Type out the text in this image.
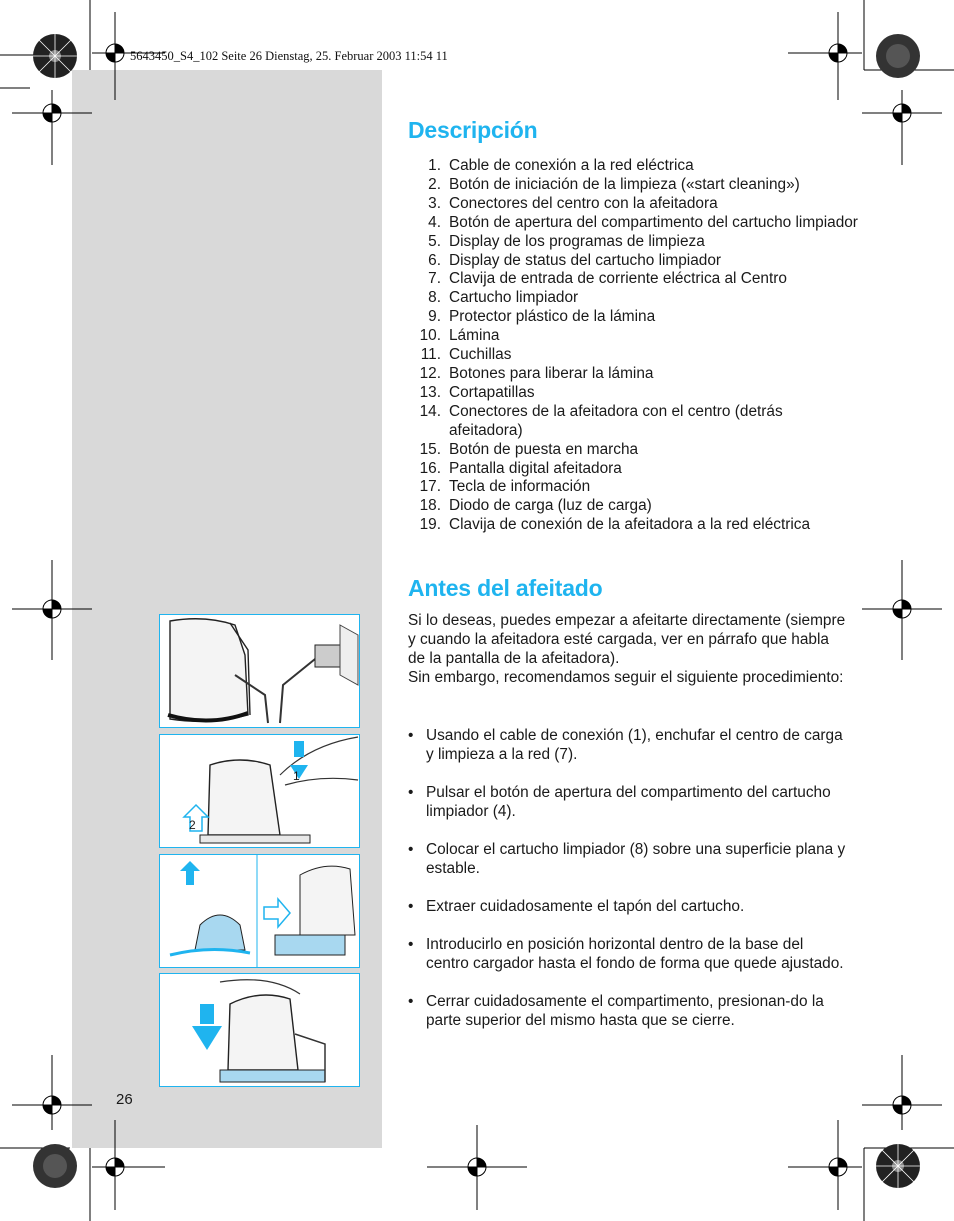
5643450_S4_102 Seite 26 Dienstag, 25. Februar 2003 11:54 11
Descripción
1. Cable de conexión a la red eléctrica
2. Botón de iniciación de la limpieza («start cleaning»)
3. Conectores del centro con la afeitadora
4. Botón de apertura del compartimento del cartucho limpiador
5. Display de los programas de limpieza
6. Display de status del cartucho limpiador
7. Clavija de entrada de corriente eléctrica al Centro
8. Cartucho limpiador
9. Protector plástico de la lámina
10. Lámina
11. Cuchillas
12. Botones para liberar la lámina
13. Cortapatillas
14. Conectores de la afeitadora con el centro (detrás afeitadora)
15. Botón de puesta en marcha
16. Pantalla digital afeitadora
17. Tecla de información
18. Diodo de carga (luz de carga)
19. Clavija de conexión de la afeitadora a la red eléctrica
Antes del afeitado

Si lo deseas, puedes empezar a afeitarte directamente (siempre y cuando la afeitadora esté cargada, ver en párrafo que habla de la pantalla de la afeitadora).

Sin embargo, recomendamos seguir el siguiente procedimiento:

• Usando el cable de conexión (1), enchufar el centro de carga y limpieza a la red (7).
• Pulsar el botón de apertura del compartimento del cartucho limpiador (4).
• Colocar el cartucho limpiador (8) sobre una superficie plana y estable.
• Extraer cuidadosamente el tapón del cartucho.
• Introducirlo en posición horizontal dentro de la base del centro cargador hasta el fondo de forma que quede ajustado.
• Cerrar cuidadosamente el compartimento, presionan-do la parte superior del mismo hasta que se cierre.
1
2
26
